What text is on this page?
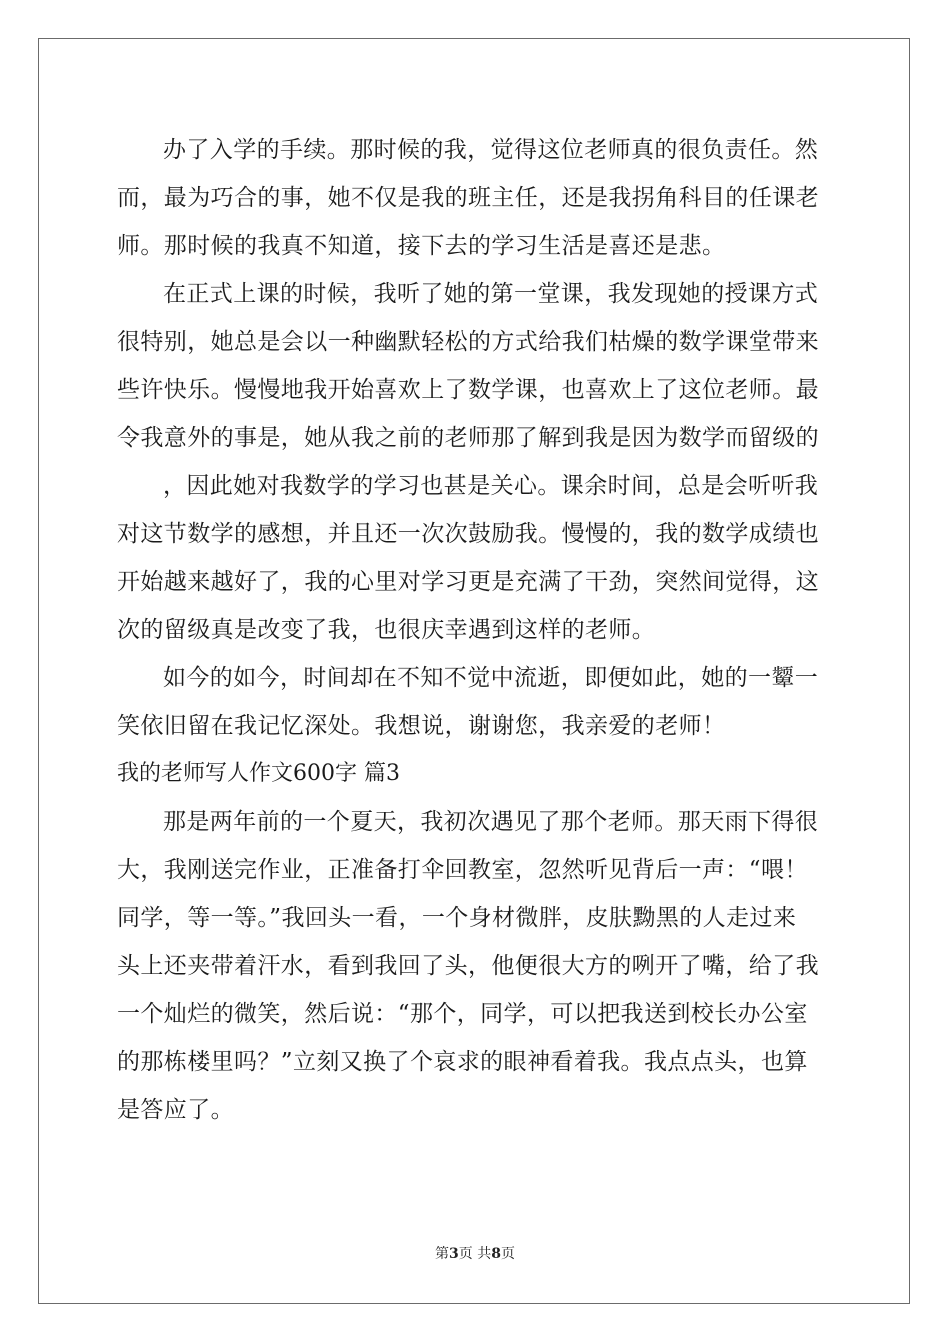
办了入学的手续。那时候的我，觉得这位老师真的很负责任。然
而，最为巧合的事，她不仅是我的班主任，还是我拐角科目的任课老
师。那时候的我真不知道，接下去的学习生活是喜还是悲。
在正式上课的时候，我听了她的第一堂课，我发现她的授课方式
很特别，她总是会以一种幽默轻松的方式给我们枯燥的数学课堂带来
些许快乐。慢慢地我开始喜欢上了数学课，也喜欢上了这位老师。最
令我意外的事是，她从我之前的老师那了解到我是因为数学而留级的
，因此她对我数学的学习也甚是关心。课余时间，总是会听听我
对这节数学的感想，并且还一次次鼓励我。慢慢的，我的数学成绩也
开始越来越好了，我的心里对学习更是充满了干劲，突然间觉得，这
次的留级真是改变了我，也很庆幸遇到这样的老师。
如今的如今，时间却在不知不觉中流逝，即便如此，她的一颦一
笑依旧留在我记忆深处。我想说，谢谢您，我亲爱的老师！
我的老师写人作文600字 篇3
那是两年前的一个夏天，我初次遇见了那个老师。那天雨下得很
大，我刚送完作业，正准备打伞回教室，忽然听见背后一声：“喂！
同学，等一等。”我回头一看，一个身材微胖，皮肤黝黑的人走过来
头上还夹带着汗水，看到我回了头，他便很大方的咧开了嘴，给了我
一个灿烂的微笑，然后说：“那个，同学，可以把我送到校长办公室
的那栋楼里吗？”立刻又换了个哀求的眼神看着我。我点点头，也算
是答应了。
第3页 共8页
